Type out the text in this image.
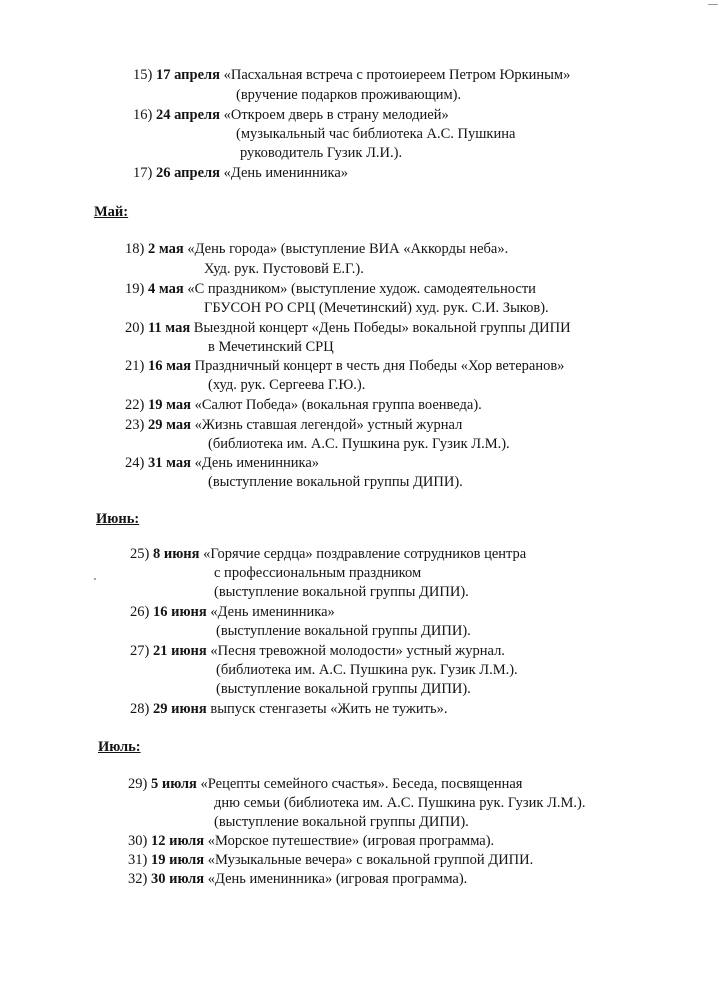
15) 17 апреля «Пасхальная встреча с протоиереем Петром Юркиным»
(вручение подарков проживающим).
16) 24 апреля «Откроем дверь в страну мелодией»
(музыкальный час библиотека А.С. Пушкина
руководитель Гузик Л.И.).
17) 26 апреля «День именинника»
Май:
18) 2 мая «День города» (выступление ВИА «Аккорды неба».
Худ. рук. Пустововй Е.Г.).
19) 4 мая «С праздником» (выступление худож. самодеятельности
ГБУСОН РО СРЦ (Мечетинский) худ. рук. С.И. Зыков).
20) 11 мая Выездной концерт «День Победы» вокальной группы ДИПИ
в Мечетинский СРЦ
21) 16 мая Праздничный концерт в честь дня Победы «Хор ветеранов»
(худ. рук. Сергеева Г.Ю.).
22) 19 мая «Салют Победа» (вокальная группа военведа).
23) 29 мая «Жизнь ставшая легендой» устный журнал
(библиотека им. А.С. Пушкина рук. Гузик Л.М.).
24) 31 мая «День именинника»
(выступление вокальной группы ДИПИ).
Июнь:
25) 8 июня «Горячие сердца» поздравление сотрудников центра
с профессиональным праздником
(выступление вокальной группы ДИПИ).
26) 16 июня «День именинника»
(выступление вокальной группы ДИПИ).
27) 21 июня «Песня тревожной молодости» устный журнал.
(библиотека им. А.С. Пушкина рук. Гузик Л.М.).
(выступление вокальной группы ДИПИ).
28) 29 июня выпуск стенгазеты «Жить не тужить».
Июль:
29) 5 июля «Рецепты семейного счастья». Беседа, посвященная
дню семьи (библиотека им. А.С. Пушкина рук. Гузик Л.М.).
(выступление вокальной группы ДИПИ).
30) 12 июля «Морское путешествие» (игровая программа).
31) 19 июля «Музыкальные вечера» с вокальной группой ДИПИ.
32) 30 июля «День именинника» (игровая программа).
